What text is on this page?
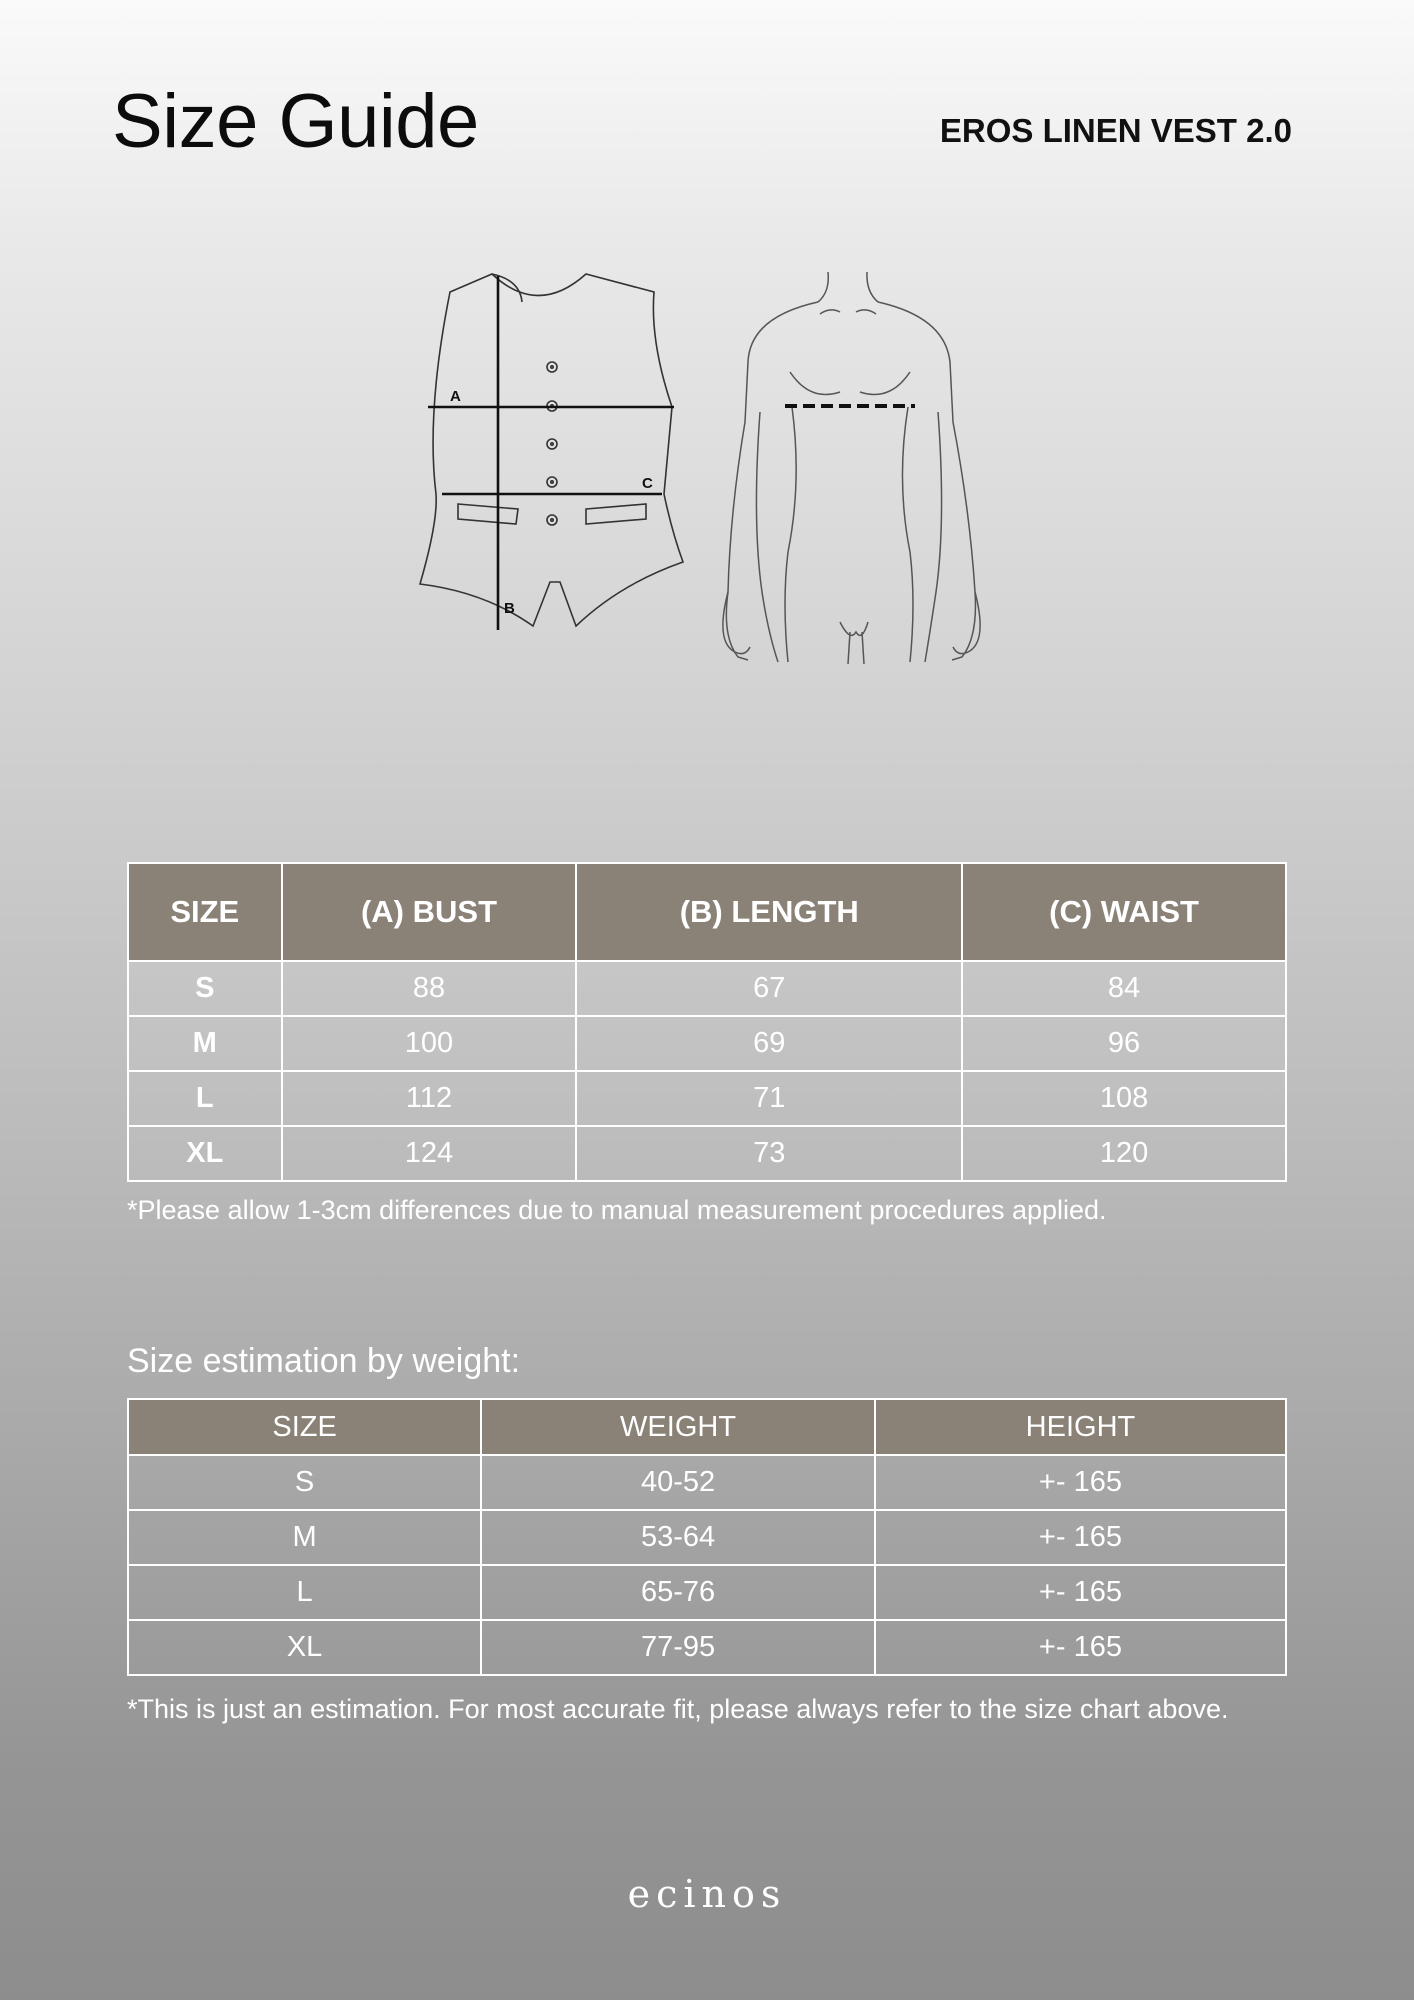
Size Guide	EROS LINEN VEST 2.0
A
C
B
SIZE	(A) BUST	(B) LENGTH	(C) WAIST
S	88	67	84
M	100	69	96
L	112	71	108
XL	124	73	120
*Please allow 1-3cm differences due to manual measurement procedures applied.
Size estimation by weight:
SIZE	WEIGHT	HEIGHT
S	40-52	+- 165
M	53-64	+- 165
L	65-76	+- 165
XL	77-95	+- 165
*This is just an estimation. For most accurate fit, please always refer to the size chart above.
ecinos
